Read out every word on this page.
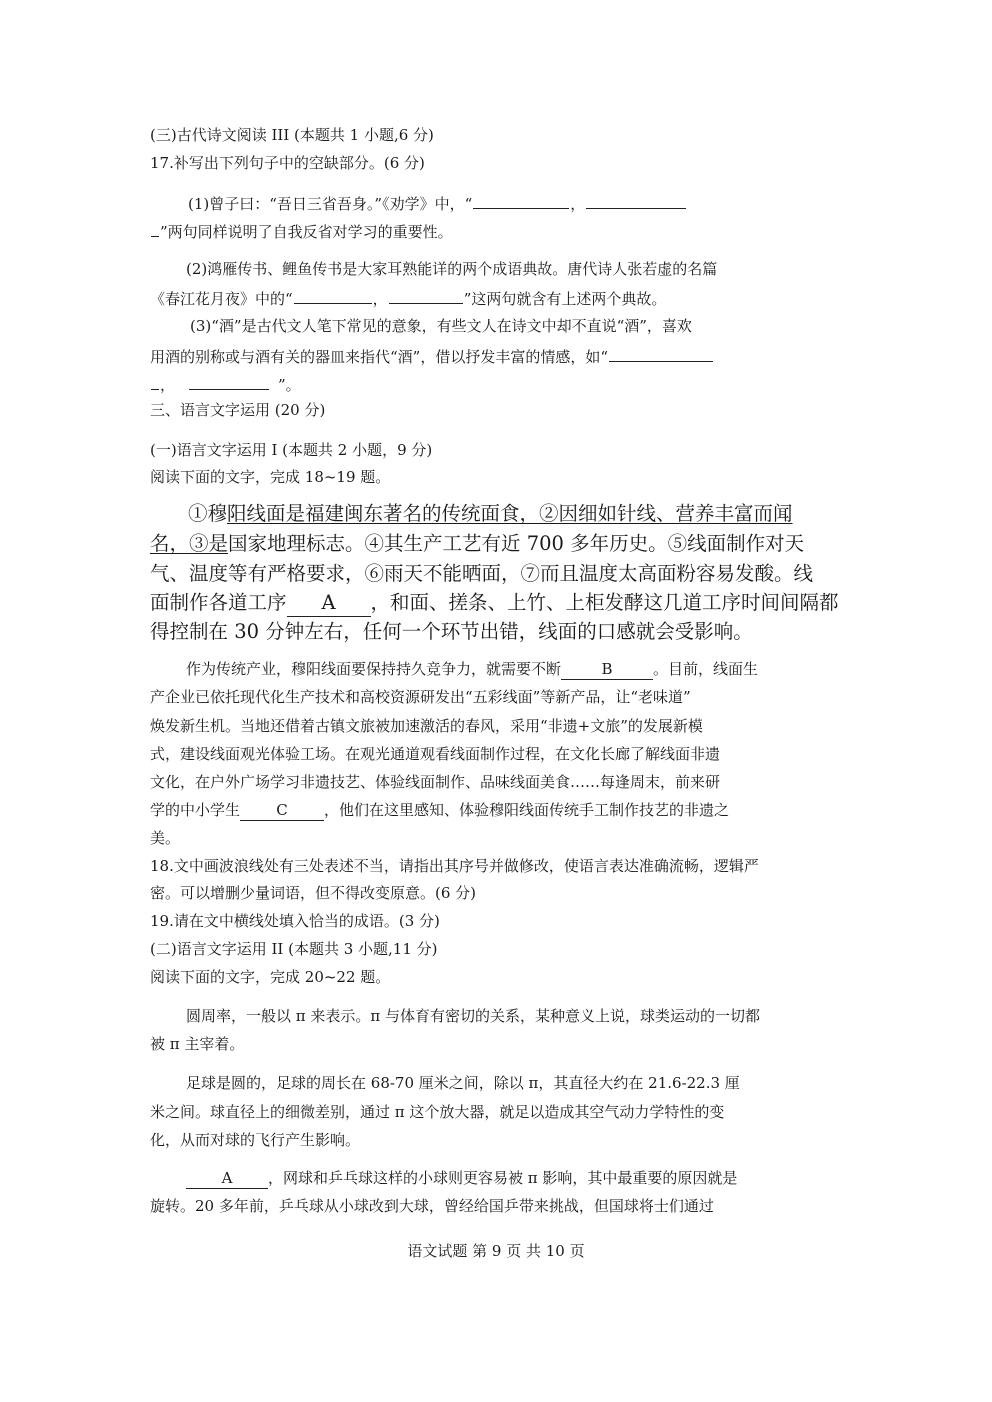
(三)古代诗文阅读 III (本题共 1 小题,6 分)
17.补写出下列句子中的空缺部分。(6 分)
(1)曾子曰：“吾日三省吾身。”《劝学》中，“	，
”两句同样说明了自我反省对学习的重要性。
(2)鸿雁传书、鲤鱼传书是大家耳熟能详的两个成语典故。唐代诗人张若虚的名篇
《春江花月夜》中的“	，	”这两句就含有上述两个典故。
(3)“酒”是古代文人笔下常见的意象，有些文人在诗文中却不直说“酒”，喜欢
用酒的别称或与酒有关的器皿来指代“酒”，借以抒发丰富的情感，如“
，	”。
三、语言文字运用 (20 分)
(一)语言文字运用 I (本题共 2 小题，9 分)
阅读下面的文字，完成 18~19 题。
①穆阳线面是福建闽东著名的传统面食，②因细如针线、营养丰富而闻
名，③是国家地理标志。④其生产工艺有近 700 多年历史。⑤线面制作对天
气、温度等有严格要求，⑥雨天不能晒面，⑦而且温度太高面粉容易发酸。线
面制作各道工序 A ，和面、搓条、上竹、上柜发酵这几道工序时间间隔都
得控制在 30 分钟左右，任何一个环节出错，线面的口感就会受影响。
作为传统产业，穆阳线面要保持持久竞争力，就需要不断	B	。目前，线面生
产企业已依托现代化生产技术和高校资源研发出“五彩线面”等新产品，让“老味道”
焕发新生机。当地还借着古镇文旅被加速激活的春风，采用“非遗+文旅”的发展新模
式，建设线面观光体验工场。在观光通道观看线面制作过程，在文化长廊了解线面非遗
文化，在户外广场学习非遗技艺、体验线面制作、品味线面美食……每逢周末，前来研
学的中小学生 C ，他们在这里感知、体验穆阳线面传统手工制作技艺的非遗之
美。
18.文中画波浪线处有三处表述不当，请指出其序号并做修改，使语言表达准确流畅，逻辑严
密。可以增删少量词语，但不得改变原意。(6 分)
19.请在文中横线处填入恰当的成语。(3 分)
(二)语言文字运用 II (本题共 3 小题,11 分)
阅读下面的文字，完成 20~22 题。
圆周率，一般以 π 来表示。π 与体育有密切的关系，某种意义上说，球类运动的一切都
被 π 主宰着。
足球是圆的，足球的周长在 68-70 厘米之间，除以 π，其直径大约在 21.6-22.3 厘
米之间。球直径上的细微差别，通过 π 这个放大器，就足以造成其空气动力学特性的变
化，从而对球的飞行产生影响。
A ，网球和乒乓球这样的小球则更容易被 π 影响，其中最重要的原因就是
旋转。20 多年前，乒乓球从小球改到大球，曾经给国乒带来挑战，但国球将士们通过
语文试题 第 9 页 共 10 页
